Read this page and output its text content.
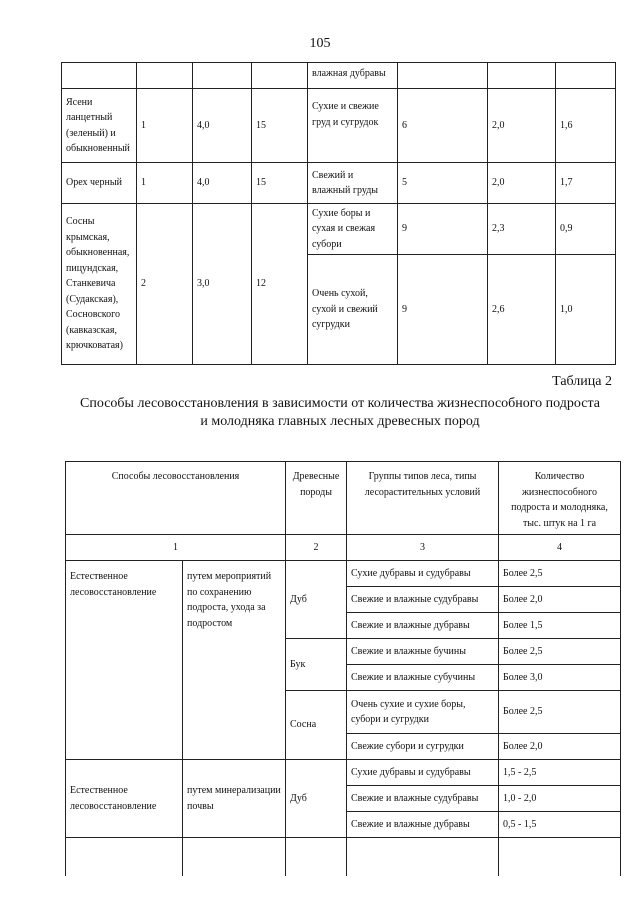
105
				влажная дубравы			
Ясени ланцетный (зеленый) и обыкновенный	1	4,0	15	Сухие и свежие груд и сугрудок	6	2,0	1,6
Орех черный	1	4,0	15	Свежий и влажный груды	5	2,0	1,7
Сосны крымская, обыкновенная, пицундская, Станкевича (Судакская), Сосновского (кавказская, крючковатая)	2	3,0	12	Сухие боры и сухая и свежая субори	9	2,3	0,9
				Очень сухой, сухой и свежий сугрудки	9	2,6	1,0
Таблица 2
Способы лесовосстановления в зависимости от количества жизнеспособного подроста и молодняка главных лесных древесных пород
Способы лесовосстановления		Древесные породы	Группы типов леса, типы лесорастительных условий	Количество жизнеспособного подроста и молодняка, тыс. штук на 1 га
1		2	3	4
Естественное лесовосстановление	путем мероприятий по сохранению подроста, ухода за подростом	Дуб	Сухие дубравы и судубравы	Более 2,5
			Свежие и влажные судубравы	Более 2,0
			Свежие и влажные дубравы	Более 1,5
		Бук	Свежие и влажные бучины	Более 2,5
			Свежие и влажные субучины	Более 3,0
		Сосна	Очень сухие и сухие боры, субори и сугрудки	Более 2,5
			Свежие субори и сугрудки	Более 2,0
Естественное лесовосстановление	путем минерализации почвы	Дуб	Сухие дубравы и судубравы	1,5 - 2,5
			Свежие и влажные судубравы	1,0 - 2,0
			Свежие и влажные дубравы	0,5 - 1,5
